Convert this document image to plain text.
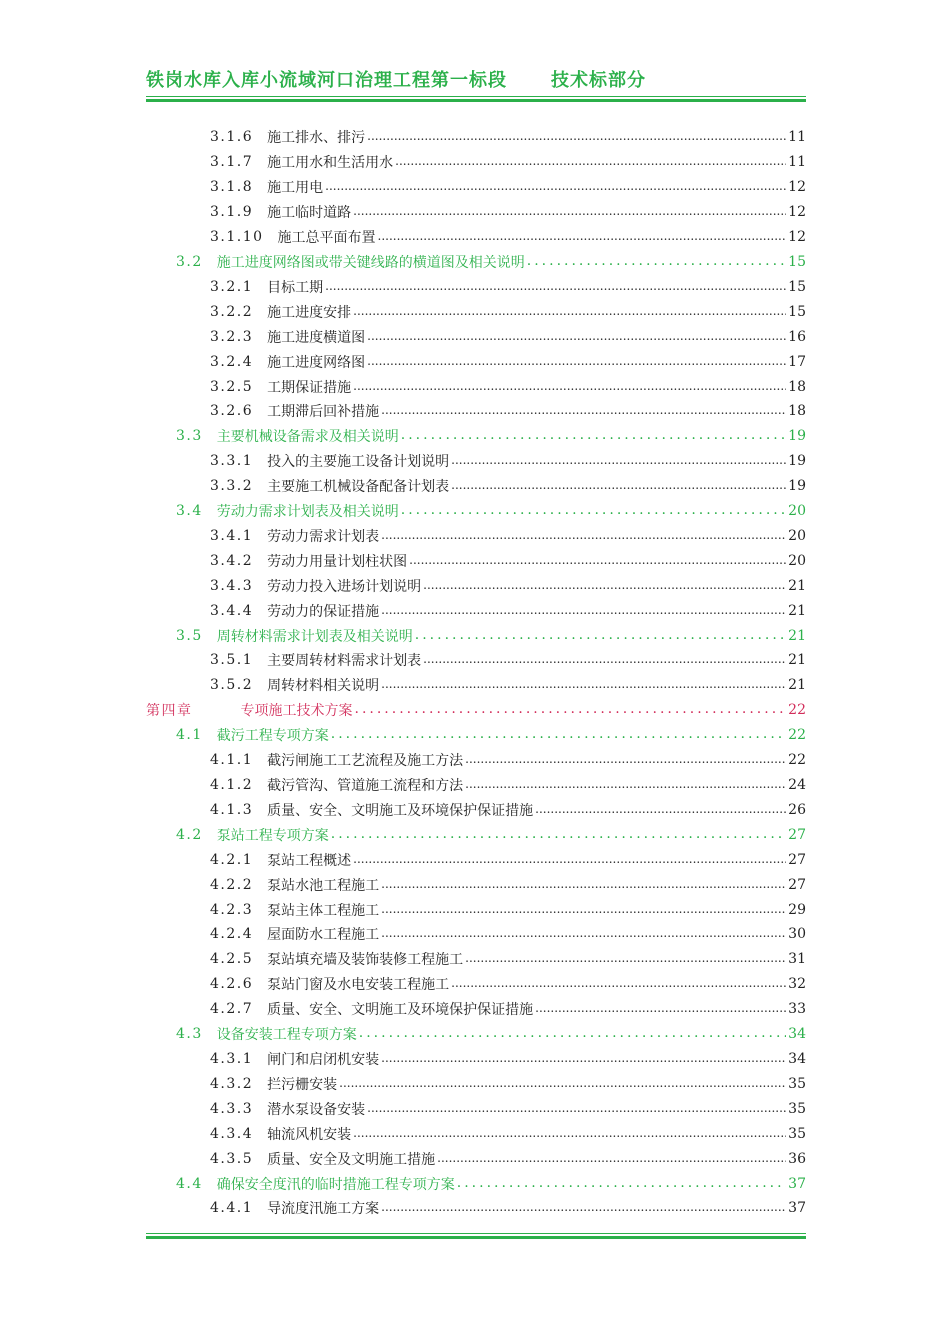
铁岗水库入库小流域河口治理工程第一标段 技术标部分
3.1.6 施工排水、排污 .....	11
3.1.7 施工用水和生活用水 .....	11
3.1.8 施工用电 .....	12
3.1.9 施工临时道路 .....	12
3.1.10 施工总平面布置 .....	12
3.2 施工进度网络图或带关键线路的横道图及相关说明 .....	15
3.2.1 目标工期 .....	15
3.2.2 施工进度安排 .....	15
3.2.3 施工进度横道图 .....	16
3.2.4 施工进度网络图 .....	17
3.2.5 工期保证措施 .....	18
3.2.6 工期滞后回补措施 .....	18
3.3 主要机械设备需求及相关说明 .....	19
3.3.1 投入的主要施工设备计划说明 .....	19
3.3.2 主要施工机械设备配备计划表 .....	19
3.4 劳动力需求计划表及相关说明 .....	20
3.4.1 劳动力需求计划表 .....	20
3.4.2 劳动力用量计划柱状图 .....	20
3.4.3 劳动力投入进场计划说明 .....	21
3.4.4 劳动力的保证措施 .....	21
3.5 周转材料需求计划表及相关说明 .....	21
3.5.1 主要周转材料需求计划表 .....	21
3.5.2 周转材料相关说明 .....	21
第四章	专项施工技术方案 .....	22
4.1 截污工程专项方案 .....	22
4.1.1 截污闸施工工艺流程及施工方法 .....	22
4.1.2 截污管沟、管道施工流程和方法 .....	24
4.1.3 质量、安全、文明施工及环境保护保证措施 .....	26
4.2 泵站工程专项方案 .....	27
4.2.1 泵站工程概述 .....	27
4.2.2 泵站水池工程施工 .....	27
4.2.3 泵站主体工程施工 .....	29
4.2.4 屋面防水工程施工 .....	30
4.2.5 泵站填充墙及装饰装修工程施工 .....	31
4.2.6 泵站门窗及水电安装工程施工 .....	32
4.2.7 质量、安全、文明施工及环境保护保证措施 .....	33
4.3 设备安装工程专项方案 .....	34
4.3.1 闸门和启闭机安装 .....	34
4.3.2 拦污栅安装 .....	35
4.3.3 潜水泵设备安装 .....	35
4.3.4 轴流风机安装 .....	35
4.3.5 质量、安全及文明施工措施 .....	36
4.4 确保安全度汛的临时措施工程专项方案 .....	37
4.4.1 导流度汛施工方案 .....	37
